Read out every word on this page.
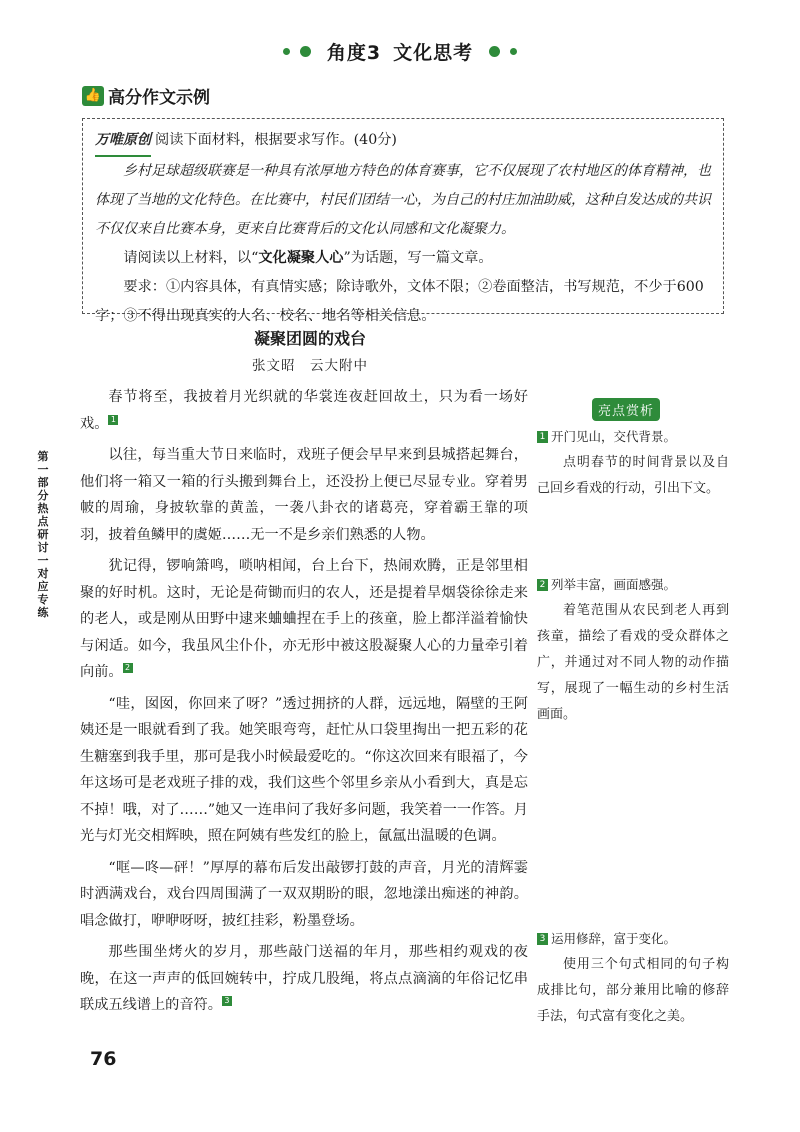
角度3 文化思考
👍 高分作文示例

万唯原创 阅读下面材料，根据要求写作。(40分)

乡村足球超级联赛是一种具有浓厚地方特色的体育赛事，它不仅展现了农村地区的体育精神，也体现了当地的文化特色。在比赛中，村民们团结一心，为自己的村庄加油助威，这种自发达成的共识不仅仅来自比赛本身，更来自比赛背后的文化认同感和文化凝聚力。

请阅读以上材料，以“文化凝聚人心”为话题，写一篇文章。

要求：①内容具体，有真情实感；除诗歌外，文体不限；②卷面整洁，书写规范，不少于600字；③不得出现真实的人名、校名、地名等相关信息。

凝聚团圆的戏台
张文昭　云大附中

春节将至，我披着月光织就的华裳连夜赶回故土，只为看一场好戏。 1

以往，每当重大节日来临时，戏班子便会早早来到县城搭起舞台，他们将一箱又一箱的行头搬到舞台上，还没扮上便已尽显专业。穿着男帔的周瑜，身披软靠的黄盖，一袭八卦衣的诸葛亮，穿着霸王靠的项羽，披着鱼鳞甲的虞姬……无一不是乡亲们熟悉的人物。

犹记得，锣响箫鸣，唢呐相闻，台上台下，热闹欢腾，正是邻里相聚的好时机。这时，无论是荷锄而归的农人，还是提着旱烟袋徐徐走来的老人，或是刚从田野中逮来蛐蛐捏在手上的孩童，脸上都洋溢着愉快与闲适。如今，我虽风尘仆仆，亦无形中被这股凝聚人心的力量牵引着向前。 2

“哇，囡囡，你回来了呀？”透过拥挤的人群，远远地，隔壁的王阿姨还是一眼就看到了我。她笑眼弯弯，赶忙从口袋里掏出一把五彩的花生糖塞到我手里，那可是我小时候最爱吃的。“你这次回来有眼福了，今年这场可是老戏班子排的戏，我们这些个邻里乡亲从小看到大，真是忘不掉！哦，对了……”她又一连串问了我好多问题，我笑着一一作答。月光与灯光交相辉映，照在阿姨有些发红的脸上，氤氲出温暖的色调。

“哐—咚—砰！”厚厚的幕布后发出敲锣打鼓的声音，月光的清辉霎时洒满戏台，戏台四周围满了一双双期盼的眼，忽地漾出痴迷的神韵。唱念做打，咿咿呀呀，披红挂彩，粉墨登场。

那些围坐烤火的岁月，那些敲门送福的年月，那些相约观戏的夜晚，在这一声声的低回婉转中，拧成几股绳，将点点滴滴的年俗记忆串联成五线谱上的音符。 3

第一部分热点研讨一对应专练
亮点赏析
1 开门见山，交代背景。

点明春节的时间背景以及自己回乡看戏的行动，引出下文。

2 列举丰富，画面感强。

着笔范围从农民到老人再到孩童，描绘了看戏的受众群体之广，并通过对不同人物的动作描写，展现了一幅生动的乡村生活画面。

3 运用修辞，富于变化。

使用三个句式相同的句子构成排比句，部分兼用比喻的修辞手法，句式富有变化之美。

76
